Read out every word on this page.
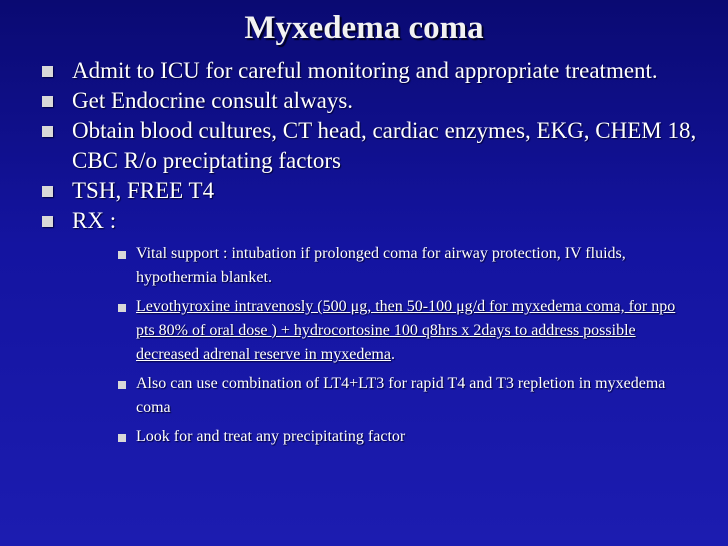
Myxedema coma
Admit to ICU for careful monitoring and appropriate treatment.
Get Endocrine consult always.
Obtain blood cultures, CT head, cardiac enzymes, EKG, CHEM 18, CBC R/o preciptating factors
TSH, FREE T4
RX :
Vital support : intubation if prolonged coma for airway protection, IV fluids, hypothermia blanket.
Levothyroxine intravenosly (500 μg, then 50-100 μg/d for myxedema coma, for npo pts 80% of oral dose ) + hydrocortosine 100 q8hrs x 2days to address possible decreased adrenal reserve in myxedema.
Also can use combination of LT4+LT3 for rapid T4 and T3 repletion in myxedema coma
Look for and treat any precipitating factor
